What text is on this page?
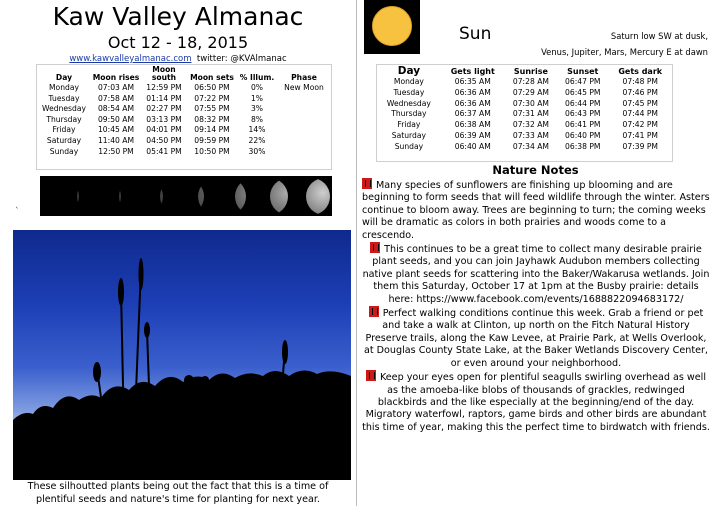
Kaw Valley Almanac
Oct 12 - 18, 2015
www.kawvalleyalmanac.com twitter: @KVAlmanac
Day	Moon rises	Moon south	Moon sets	% Illum.	Phase
Monday	07:03 AM	12:59 PM	06:50 PM	0%	New Moon
Tuesday	07:58 AM	01:14 PM	07:22 PM	1%	
Wednesday	08:54 AM	02:27 PM	07:55 PM	3%	
Thursday	09:50 AM	03:13 PM	08:32 PM	8%	
Friday	10:45 AM	04:01 PM	09:14 PM	14%	
Saturday	11:40 AM	04:50 PM	09:59 PM	22%	
Sunday	12:50 PM	05:41 PM	10:50 PM	30%	
`
These silhoutted plants being out the fact that this is a time of
plentiful seeds and nature's time for planting for next year.
Sun	Saturn low SW at dusk,
Venus, Jupiter, Mars, Mercury E at dawn
Day	Gets light	Sunrise	Sunset	Gets dark
Monday	06:35 AM	07:28 AM	06:47 PM	07:48 PM
Tuesday	06:36 AM	07:29 AM	06:45 PM	07:46 PM
Wednesday	06:36 AM	07:30 AM	06:44 PM	07:45 PM
Thursday	06:37 AM	07:31 AM	06:43 PM	07:44 PM
Friday	06:38 AM	07:32 AM	06:41 PM	07:42 PM
Saturday	06:39 AM	07:33 AM	06:40 PM	07:41 PM
Sunday	06:40 AM	07:34 AM	06:38 PM	07:39 PM
Nature Notes
Many species of sunflowers are finishing up blooming and are beginning to form seeds that will feed wildlife through the winter. Asters continue to bloom away. Trees are beginning to turn; the coming weeks will be dramatic as colors in both prairies and woods come to a crescendo.
This continues to be a great time to collect many desirable prairie plant seeds, and you can join Jayhawk Audubon members collecting native plant seeds for scattering into the Baker/Wakarusa wetlands. Join them this Saturday, October 17 at 1pm at the Busby prairie: details here: https://www.facebook.com/events/1688822094683172/
Perfect walking conditions continue this week. Grab a friend or pet and take a walk at Clinton, up north on the Fitch Natural History Preserve trails, along the Kaw Levee, at Prairie Park, at Wells Overlook, at Douglas County State Lake, at the Baker Wetlands Discovery Center, or even around your neighborhood.
Keep your eyes open for plentiful seagulls swirling overhead as well as the amoeba-like blobs of thousands of grackles, redwinged blackbirds and the like especially at the beginning/end of the day. Migratory waterfowl, raptors, game birds and other birds are abundant this time of year, making this the perfect time to birdwatch with friends.
